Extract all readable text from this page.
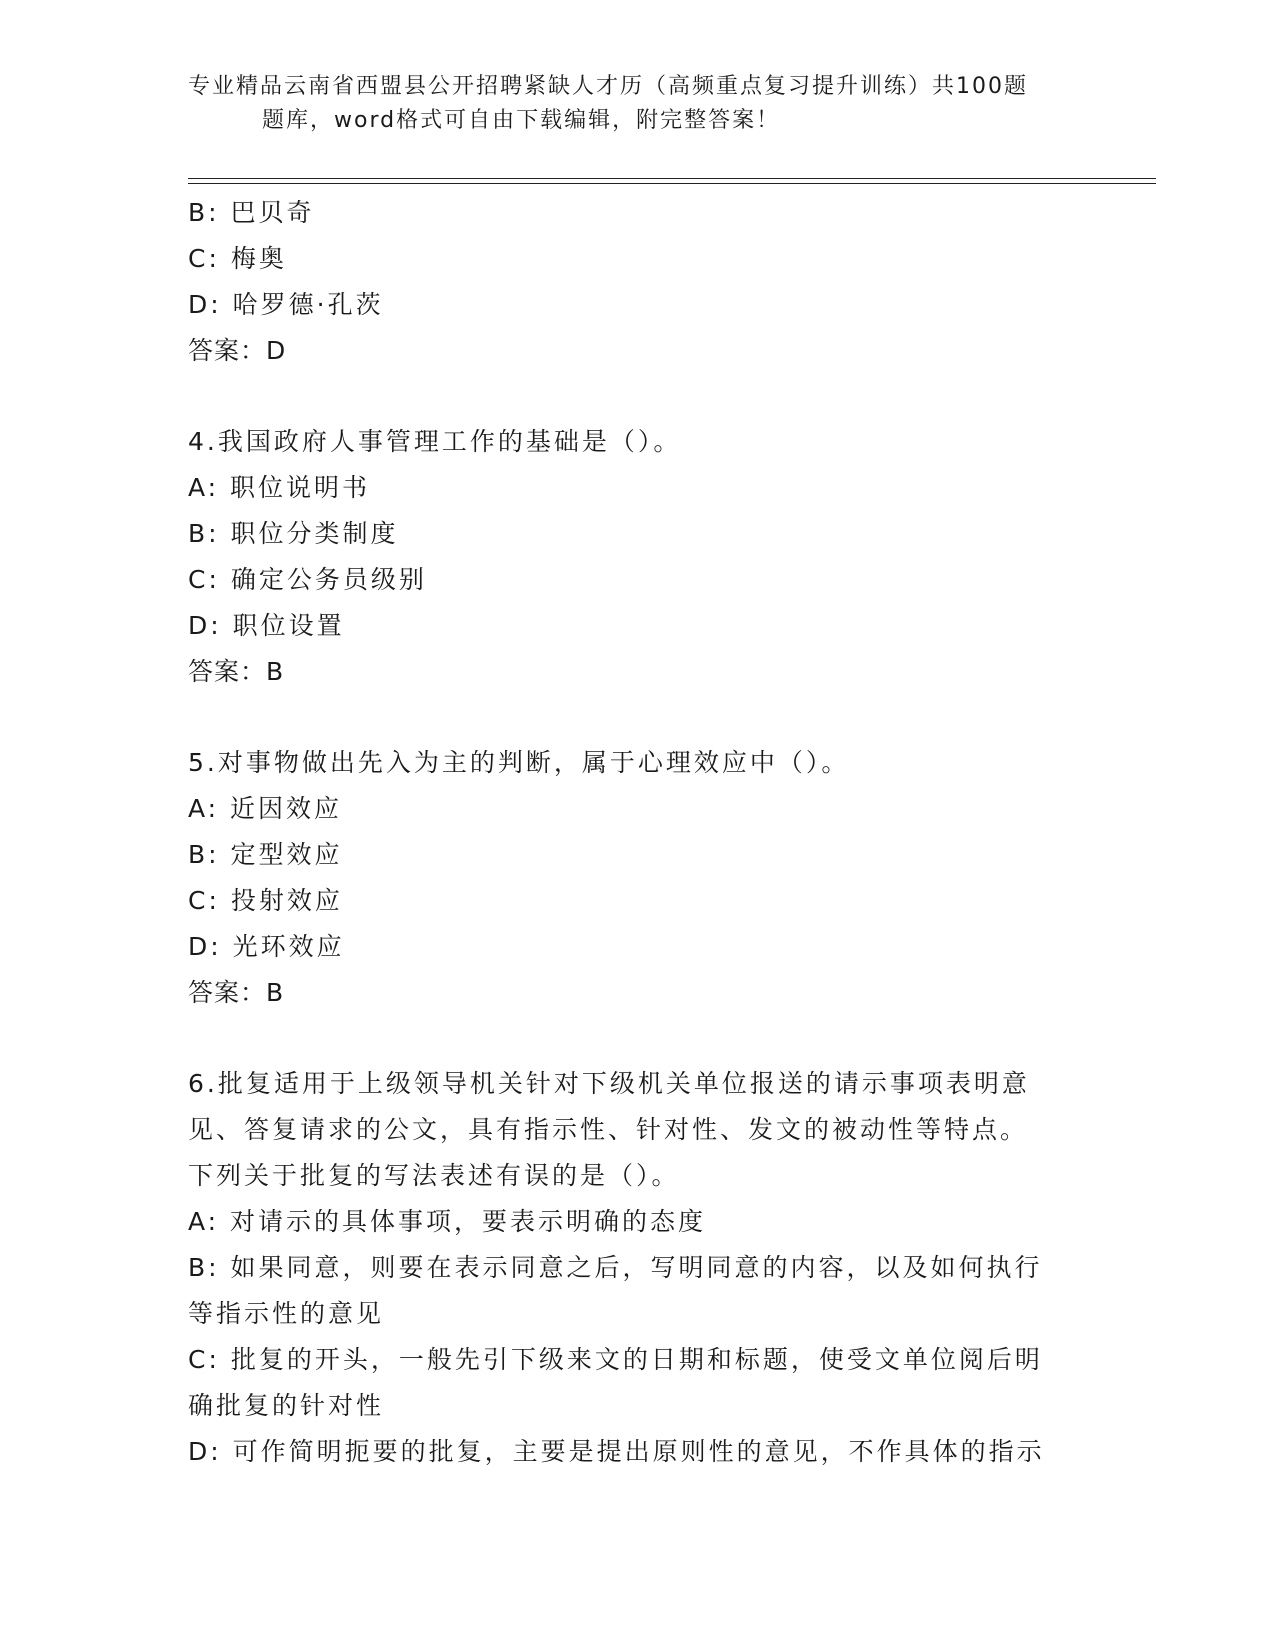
专业精品云南省西盟县公开招聘紧缺人才历（高频重点复习提升训练）共100题
题库，word格式可自由下载编辑，附完整答案！
B: 巴贝奇
C: 梅奥
D: 哈罗德·孔茨
答案：D
4.我国政府人事管理工作的基础是（）。
A: 职位说明书
B: 职位分类制度
C: 确定公务员级别
D: 职位设置
答案：B
5.对事物做出先入为主的判断，属于心理效应中（）。
A: 近因效应
B: 定型效应
C: 投射效应
D: 光环效应
答案：B
6.批复适用于上级领导机关针对下级机关单位报送的请示事项表明意
见、答复请求的公文，具有指示性、针对性、发文的被动性等特点。
下列关于批复的写法表述有误的是（）。
A: 对请示的具体事项，要表示明确的态度
B: 如果同意，则要在表示同意之后，写明同意的内容，以及如何执行
等指示性的意见
C: 批复的开头，一般先引下级来文的日期和标题，使受文单位阅后明
确批复的针对性
D: 可作简明扼要的批复，主要是提出原则性的意见，不作具体的指示
